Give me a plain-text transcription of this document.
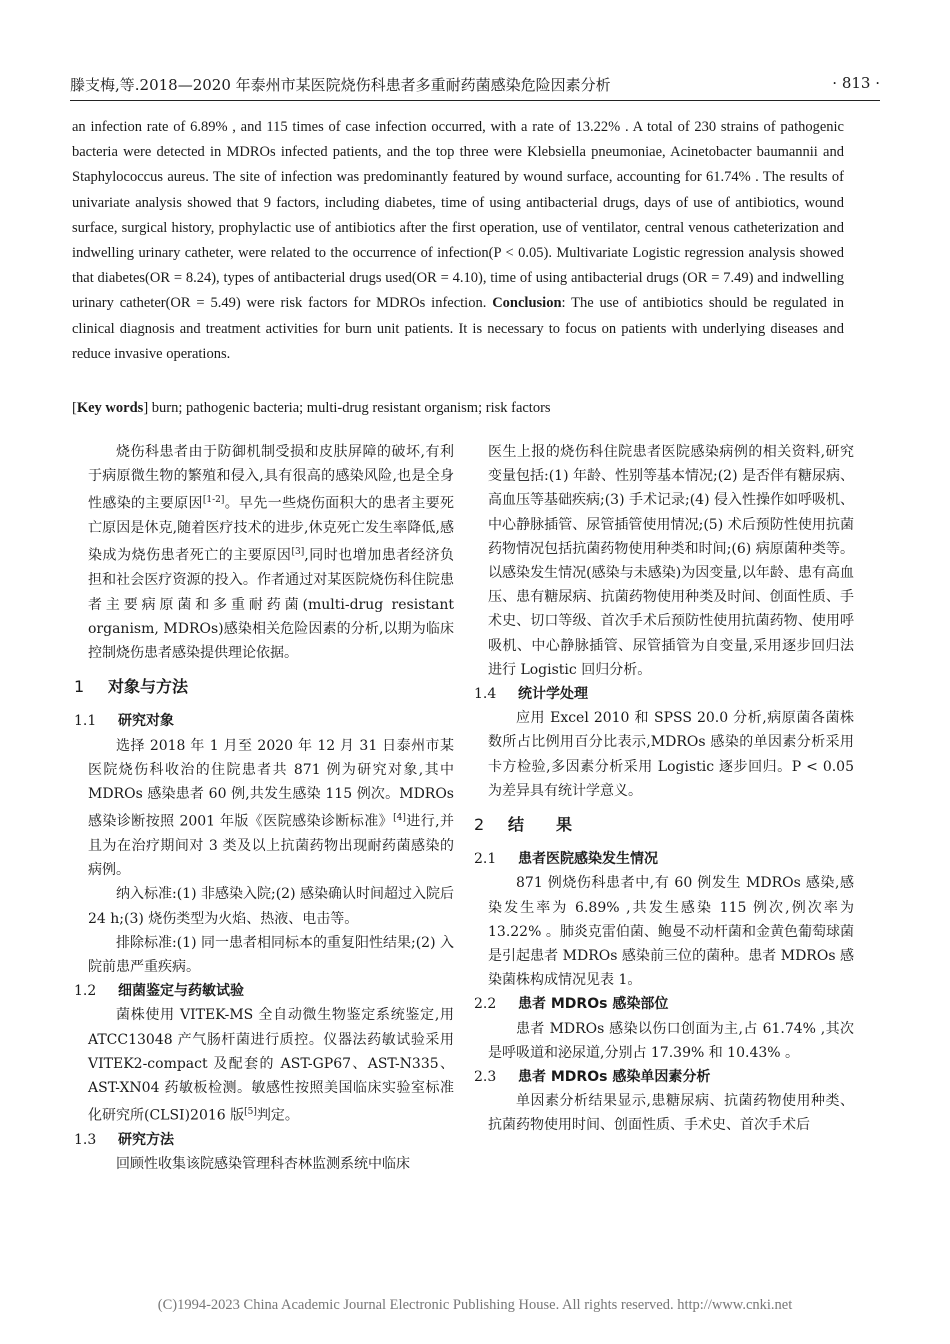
滕支梅,等.2018—2020 年泰州市某医院烧伤科患者多重耐药菌感染危险因素分析	· 813 ·

an infection rate of 6.89% , and 115 times of case infection occurred, with a rate of 13.22% . A total of 230 strains of pathogenic bacteria were detected in MDROs infected patients, and the top three were Klebsiella pneumoniae, Acinetobacter baumannii and Staphylococcus aureus. The site of infection was predominantly featured by wound surface, accounting for 61.74% . The results of univariate analysis showed that 9 factors, including diabetes, time of using antibacterial drugs, days of use of antibiotics, wound surface, surgical history, prophylactic use of antibiotics after the first operation, use of ventilator, central venous catheterization and indwelling urinary catheter, were related to the occurrence of infection(P < 0.05). Multivariate Logistic regression analysis showed that diabetes(OR = 8.24), types of antibacterial drugs used(OR = 4.10), time of using antibacterial drugs (OR = 7.49) and indwelling urinary catheter(OR = 5.49) were risk factors for MDROs infection. Conclusion: The use of antibiotics should be regulated in clinical diagnosis and treatment activities for burn unit patients. It is necessary to focus on patients with underlying diseases and reduce invasive operations.

[Key words] burn; pathogenic bacteria; multi-drug resistant organism; risk factors

烧伤科患者由于防御机制受损和皮肤屏障的破坏,有利于病原微生物的繁殖和侵入,具有很高的感染风险,也是全身性感染的主要原因[1-2]。早先一些烧伤面积大的患者主要死亡原因是休克,随着医疗技术的进步,休克死亡发生率降低,感染成为烧伤患者死亡的主要原因[3],同时也增加患者经济负担和社会医疗资源的投入。作者通过对某医院烧伤科住院患者主要病原菌和多重耐药菌(multi-drug resistant organism, MDROs)感染相关危险因素的分析,以期为临床控制烧伤患者感染提供理论依据。

1 对象与方法
1.1 研究对象

选择 2018 年 1 月至 2020 年 12 月 31 日泰州市某医院烧伤科收治的住院患者共 871 例为研究对象,其中 MDROs 感染患者 60 例,共发生感染 115 例次。MDROs 感染诊断按照 2001 年版《医院感染诊断标准》[4]进行,并且为在治疗期间对 3 类及以上抗菌药物出现耐药菌感染的病例。

纳入标准:(1) 非感染入院;(2) 感染确认时间超过入院后 24 h;(3) 烧伤类型为火焰、热液、电击等。

排除标准:(1) 同一患者相同标本的重复阳性结果;(2) 入院前患严重疾病。

1.2 细菌鉴定与药敏试验

菌株使用 VITEK-MS 全自动微生物鉴定系统鉴定,用 ATCC13048 产气肠杆菌进行质控。仪器法药敏试验采用 VITEK2-compact 及配套的 AST-GP67、AST-N335、AST-XN04 药敏板检测。敏感性按照美国临床实验室标准化研究所(CLSI)2016 版[5]判定。

1.3 研究方法

回顾性收集该院感染管理科杏林监测系统中临床

医生上报的烧伤科住院患者医院感染病例的相关资料,研究变量包括:(1) 年龄、性别等基本情况;(2) 是否伴有糖尿病、高血压等基础疾病;(3) 手术记录;(4) 侵入性操作如呼吸机、中心静脉插管、尿管插管使用情况;(5) 术后预防性使用抗菌药物情况包括抗菌药物使用种类和时间;(6) 病原菌种类等。以感染发生情况(感染与未感染)为因变量,以年龄、患有高血压、患有糖尿病、抗菌药物使用种类及时间、创面性质、手术史、切口等级、首次手术后预防性使用抗菌药物、使用呼吸机、中心静脉插管、尿管插管为自变量,采用逐步回归法进行 Logistic 回归分析。

1.4 统计学处理

应用 Excel 2010 和 SPSS 20.0 分析,病原菌各菌株数所占比例用百分比表示,MDROs 感染的单因素分析采用卡方检验,多因素分析采用 Logistic 逐步回归。P < 0.05 为差异具有统计学意义。

2 结　　果
2.1 患者医院感染发生情况

871 例烧伤科患者中,有 60 例发生 MDROs 感染,感染发生率为 6.89% ,共发生感染 115 例次,例次率为 13.22% 。肺炎克雷伯菌、鲍曼不动杆菌和金黄色葡萄球菌是引起患者 MDROs 感染前三位的菌种。患者 MDROs 感染菌株构成情况见表 1。

2.2 患者 MDROs 感染部位

患者 MDROs 感染以伤口创面为主,占 61.74% ,其次是呼吸道和泌尿道,分别占 17.39% 和 10.43% 。

2.3 患者 MDROs 感染单因素分析

单因素分析结果显示,患糖尿病、抗菌药物使用种类、抗菌药物使用时间、创面性质、手术史、首次手术后

(C)1994-2023 China Academic Journal Electronic Publishing House. All rights reserved. http://www.cnki.net
